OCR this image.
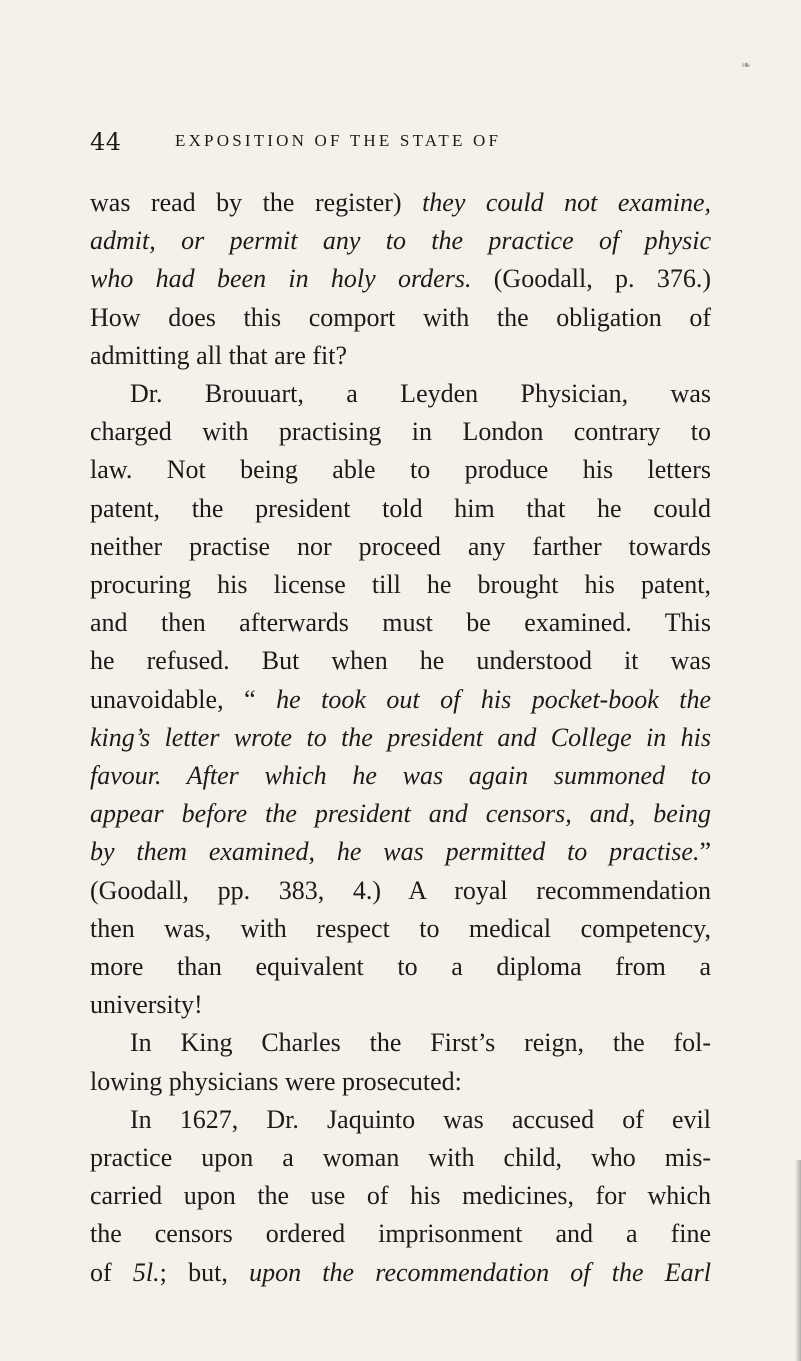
❧
44	EXPOSITION OF THE STATE OF
was read by the register) they could not examine,
admit, or permit any to the practice of physic
who had been in holy orders. (Goodall, p. 376.)
How does this comport with the obligation of
admitting all that are fit?
Dr. Brouuart, a Leyden Physician, was
charged with practising in London contrary to
law. Not being able to produce his letters
patent, the president told him that he could
neither practise nor proceed any farther towards
procuring his license till he brought his patent,
and then afterwards must be examined. This
he refused. But when he understood it was
unavoidable, “ he took out of his pocket-book the
king’s letter wrote to the president and College in his
favour. After which he was again summoned to
appear before the president and censors, and, being
by them examined, he was permitted to practise.”
(Goodall, pp. 383, 4.) A royal recommendation
then was, with respect to medical competency,
more than equivalent to a diploma from a
university!
In King Charles the First’s reign, the fol-
lowing physicians were prosecuted:
In 1627, Dr. Jaquinto was accused of evil
practice upon a woman with child, who mis-
carried upon the use of his medicines, for which
the censors ordered imprisonment and a fine
of 5l.; but, upon the recommendation of the Earl
